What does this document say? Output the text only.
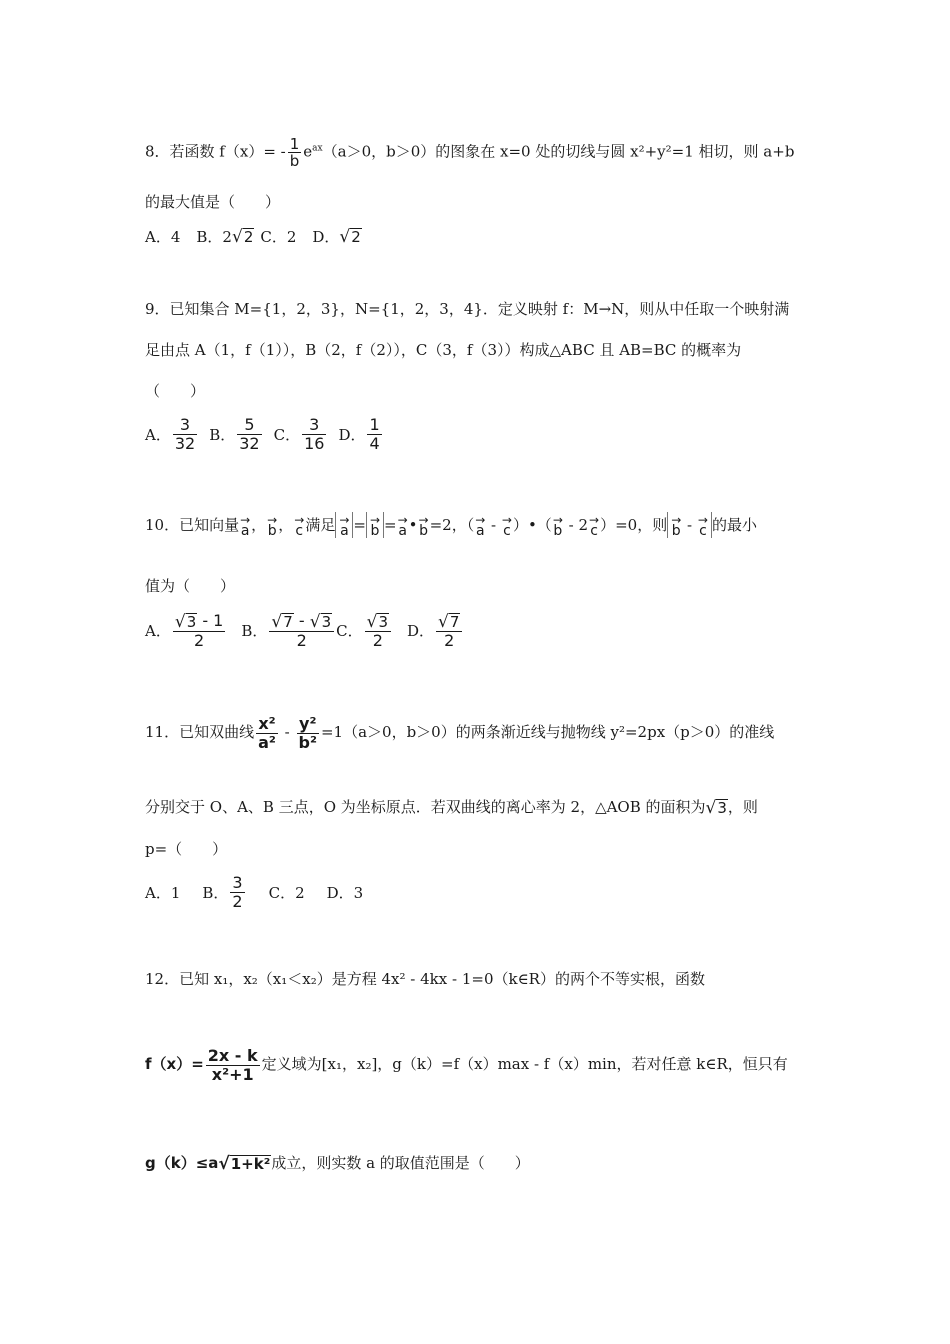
8．若函数 $f(x)= - \frac{1}{b} e^{ax}(a>0$，b＞0）的图象在 x=0 处的切线与圆 x²+y²=1 相切，则 a+b
的最大值是（　　）
A．4 B．2 √ 2 C．2 D． √ 2
9．已知集合 M={1，2，3}，N={1，2，3，4}．定义映射 f：M→N，则从中任取一个映射满
足由点 A（1，f（1）），B（2，f（2）），C（3，f（3））构成△ABC 且 AB=BC 的概率为
（　　）
A． $\frac{3}{32}$ B． $\frac{5}{32}$ C． $\frac{3}{16}$ D． $\frac{1}{4}$
10．已知向量 →
a ， →
b ， →
c 满足 →
a = →
b = →
a • →
b =2，（ →
a - →
c ）•（ →
b - 2 →
c ）=0，则 →
b - →
c 的最小
值为（　　）
A． $\frac{√ 3 - 1}{2}$ B． $\frac{√ 7 - √ 3}{2}$ C． $\frac{√ 3}{2}$ D． $\frac{√ 7}{2}$
11．已知双曲线 $\frac{\text{x²}}{\text{a²}} - \frac{\text{y²}}{\text{b²}} =1(a>0$，b＞0）的两条渐近线与抛物线 y²=2px（p＞0）的准线
分别交于 O、A、B 三点，O 为坐标原点．若双曲线的离心率为 2，△AOB 的面积为 √ 3 ，则
p=（　　）
A．1 B． $\frac{3}{2}$ C．2 D．3
12．已知 x₁，x₂（x₁＜x₂）是方程 4x² - 4kx - 1=0（k∈R）的两个不等实根，函数
$f(x)= \frac{2x - k}{\text{x²+1}}$ 定义域为[x₁，x₂]，g（k）=f（x）max - f（x）min，若对任意 k∈R，恒只有
g（k）≤a √ 1+k² 成立，则实数 a 的取值范围是（　　）
